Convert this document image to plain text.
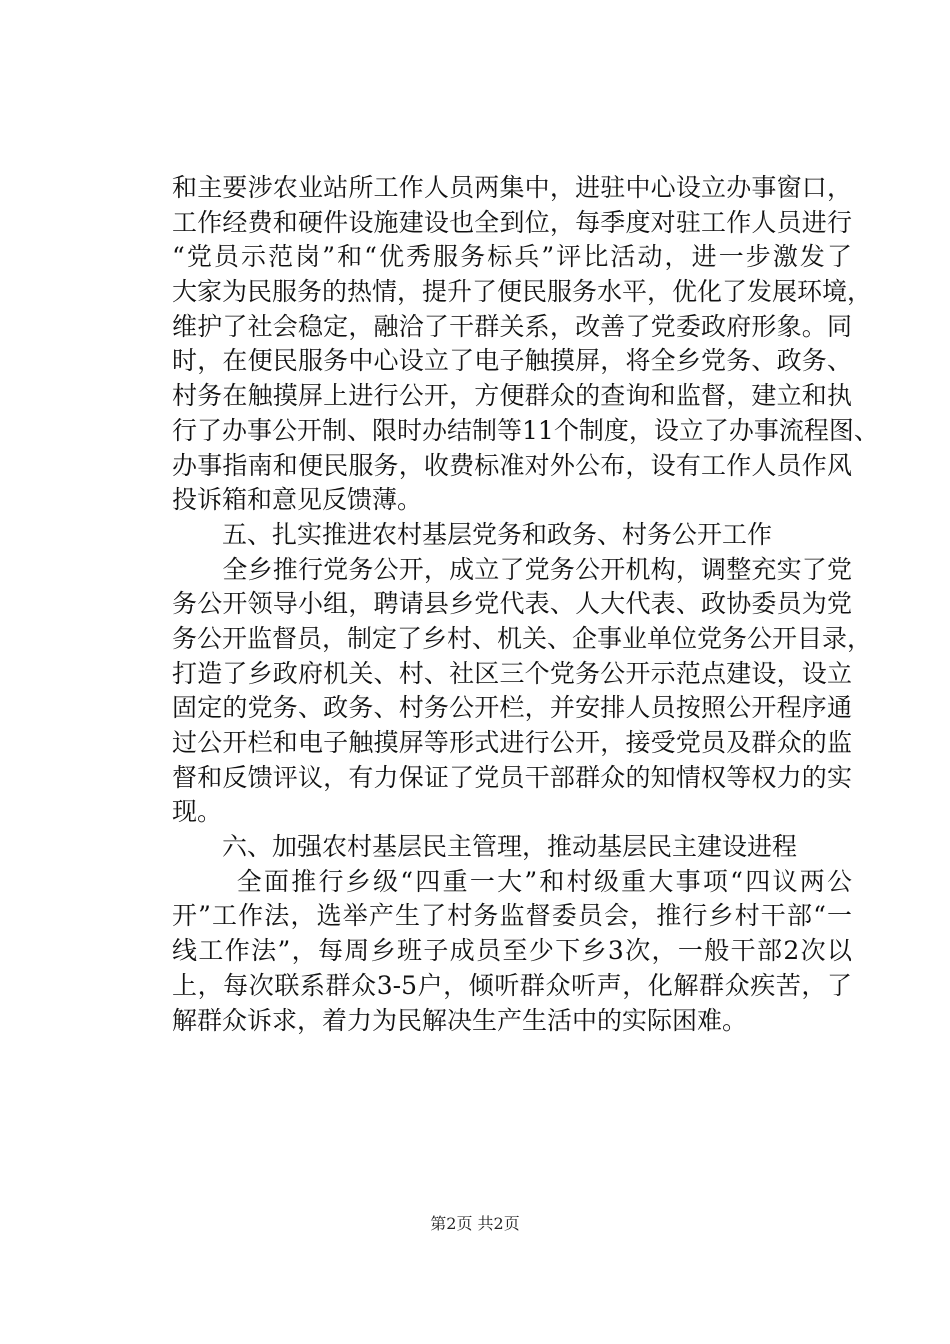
和主要涉农业站所工作人员两集中，进驻中心设立办事窗口，
工作经费和硬件设施建设也全到位，每季度对驻工作人员进行
“党员示范岗”和“优秀服务标兵”评比活动，进一步激发了
大家为民服务的热情，提升了便民服务水平，优化了发展环境，
维护了社会稳定，融洽了干群关系，改善了党委政府形象。同
时，在便民服务中心设立了电子触摸屏，将全乡党务、政务、
村务在触摸屏上进行公开，方便群众的查询和监督，建立和执
行了办事公开制、限时办结制等11个制度，设立了办事流程图、
办事指南和便民服务，收费标准对外公布，设有工作人员作风
投诉箱和意见反馈薄。
　　五、扎实推进农村基层党务和政务、村务公开工作
　　全乡推行党务公开，成立了党务公开机构，调整充实了党
务公开领导小组，聘请县乡党代表、人大代表、政协委员为党
务公开监督员，制定了乡村、机关、企事业单位党务公开目录，
打造了乡政府机关、村、社区三个党务公开示范点建设，设立
固定的党务、政务、村务公开栏，并安排人员按照公开程序通
过公开栏和电子触摸屏等形式进行公开，接受党员及群众的监
督和反馈评议，有力保证了党员干部群众的知情权等权力的实
现。
　　六、加强农村基层民主管理，推动基层民主建设进程
　　 全面推行乡级“四重一大”和村级重大事项“四议两公
开”工作法，选举产生了村务监督委员会，推行乡村干部“一
线工作法”，每周乡班子成员至少下乡3次，一般干部2次以
上，每次联系群众3-5户，倾听群众听声，化解群众疾苦，了
解群众诉求，着力为民解决生产生活中的实际困难。
第2页 共2页
